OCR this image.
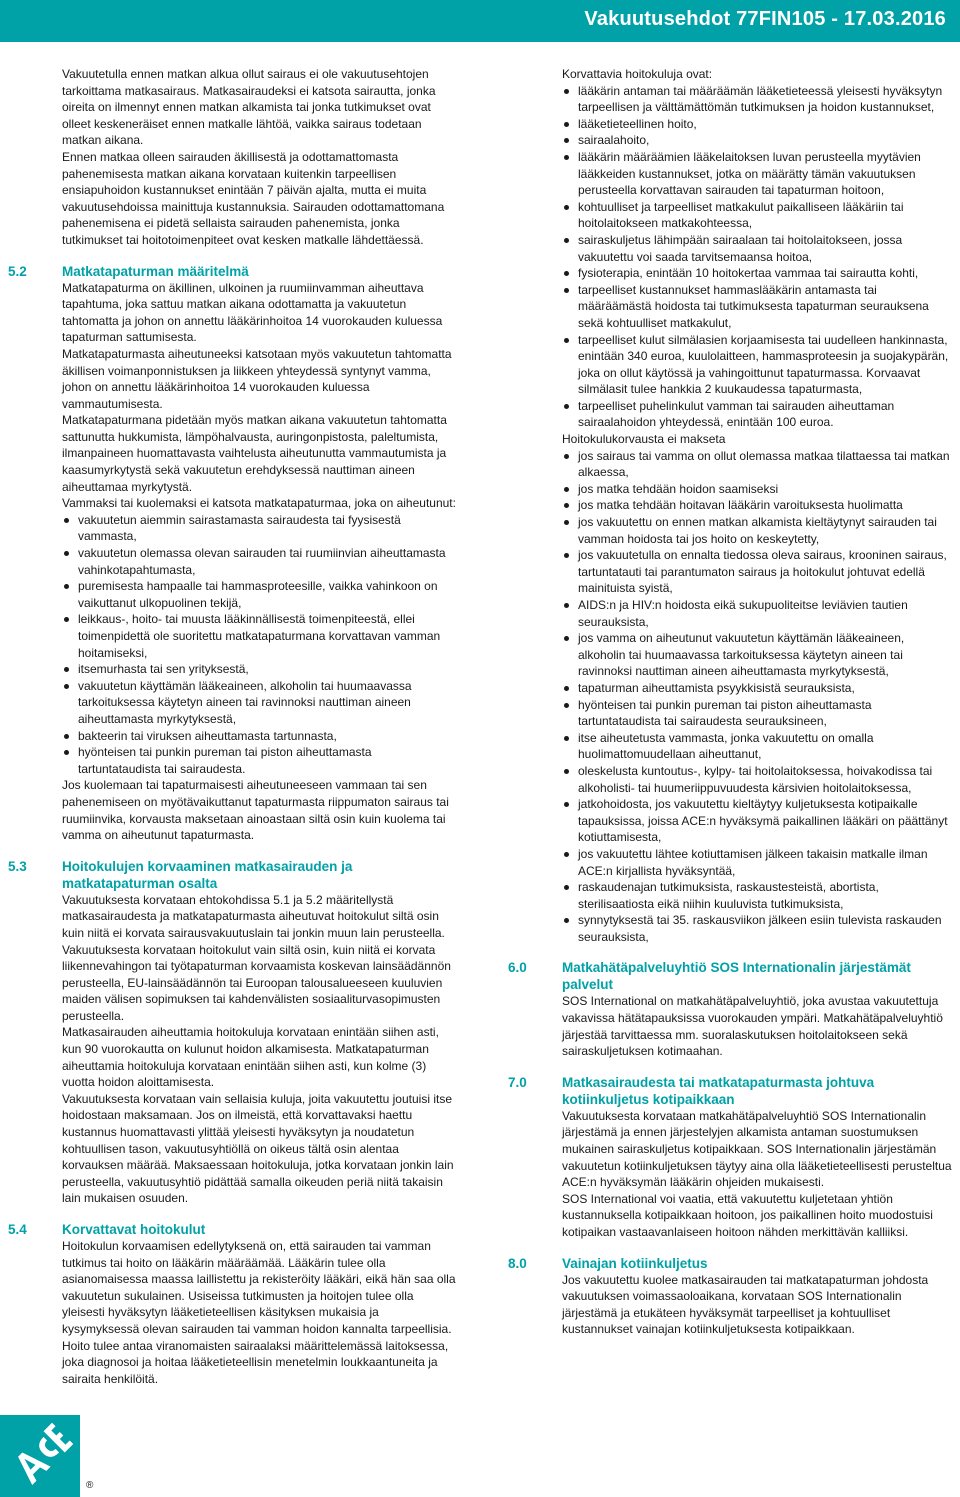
Vakuutusehdot 77FIN105 - 17.03.2016

Vakuutetulla ennen matkan alkua ollut sairaus ei ole vakuutusehtojen tarkoittama matkasairaus. Matkasairaudeksi ei katsota sairautta, jonka oireita on ilmennyt ennen matkan alkamista tai jonka tutkimukset ovat olleet keskeneräiset ennen matkalle lähtöä, vaikka sairaus todetaan matkan aikana.

Ennen matkaa olleen sairauden äkillisestä ja odottamattomasta pahenemisesta matkan aikana korvataan kuitenkin tarpeellisen ensiapuhoidon kustannukset enintään 7 päivän ajalta, mutta ei muita vakuutusehdoissa mainittuja kustannuksia. Sairauden odottamattomana pahenemisena ei pidetä sellaista sairauden pahenemista, jonka tutkimukset tai hoitotoimenpiteet ovat kesken matkalle lähdettäessä.

5.2	Matkatapaturman määritelmä

Matkatapaturma on äkillinen, ulkoinen ja ruumiinvamman aiheuttava tapahtuma, joka sattuu matkan aikana odottamatta ja vakuutetun tahtomatta ja johon on annettu lääkärinhoitoa 14 vuorokauden kuluessa tapaturman sattumisesta.

Matkatapaturmasta aiheutuneeksi katsotaan myös vakuutetun tahtomatta äkillisen voimanponnistuksen ja liikkeen yhteydessä syntynyt vamma, johon on annettu lääkärinhoitoa 14 vuorokauden kuluessa vammautumisesta.

Matkatapaturmana pidetään myös matkan aikana vakuutetun tahtomatta sattunutta hukkumista, lämpöhalvausta, auringonpistosta, paleltumista, ilmanpaineen huomattavasta vaihtelusta aiheutunutta vammautumista ja kaasumyrkytystä sekä vakuutetun erehdyksessä nauttiman aineen aiheuttamaa myrkytystä.

Vammaksi tai kuolemaksi ei katsota matkatapaturmaa, joka on aiheutunut:

vakuutetun aiemmin sairastamasta sairaudesta tai fyysisestä vammasta,
vakuutetun olemassa olevan sairauden tai ruumiinvian aiheuttamasta vahinkotapahtumasta,
puremisesta hampaalle tai hammasproteesille, vaikka vahinkoon on vaikuttanut ulkopuolinen tekijä,
leikkaus-, hoito- tai muusta lääkinnällisestä toimenpiteestä, ellei toimenpidettä ole suoritettu matkatapaturmana korvattavan vamman hoitamiseksi,
itsemurhasta tai sen yrityksestä,
vakuutetun käyttämän lääkeaineen, alkoholin tai huumaavassa tarkoituksessa käytetyn aineen tai ravinnoksi nauttiman aineen aiheuttamasta myrkytyksestä,
bakteerin tai viruksen aiheuttamasta tartunnasta,
hyönteisen tai punkin pureman tai piston aiheuttamasta tartuntataudista tai sairaudesta.

Jos kuolemaan tai tapaturmaisesti aiheutuneeseen vammaan tai sen pahenemiseen on myötävaikuttanut tapaturmasta riippumaton sairaus tai ruumiinvika, korvausta maksetaan ainoastaan siltä osin kuin kuolema tai vamma on aiheutunut tapaturmasta.

5.3	Hoitokulujen korvaaminen matkasairauden ja matkatapaturman osalta

Vakuutuksesta korvataan ehtokohdissa 5.1 ja 5.2 määritellystä matkasairaudesta ja matkatapaturmasta aiheutuvat hoitokulut siltä osin kuin niitä ei korvata sairausvakuutuslain tai jonkin muun lain perusteella.

Vakuutuksesta korvataan hoitokulut vain siltä osin, kuin niitä ei korvata liikennevahingon tai työtapaturman korvaamista koskevan lainsäädännön perusteella, EU-lainsäädännön tai Euroopan talousalueeseen kuuluvien maiden välisen sopimuksen tai kahdenvälisten sosiaaliturvasopimusten perusteella.

Matkasairauden aiheuttamia hoitokuluja korvataan enintään siihen asti, kun 90 vuorokautta on kulunut hoidon alkamisesta. Matkatapaturman aiheuttamia hoitokuluja korvataan enintään siihen asti, kun kolme (3) vuotta hoidon aloittamisesta.

Vakuutuksesta korvataan vain sellaisia kuluja, joita vakuutettu joutuisi itse hoidostaan maksamaan. Jos on ilmeistä, että korvattavaksi haettu kustannus huomattavasti ylittää yleisesti hyväksytyn ja noudatetun kohtuullisen tason, vakuutusyhtiöllä on oikeus tältä osin alentaa korvauksen määrää. Maksaessaan hoitokuluja, jotka korvataan jonkin lain perusteella, vakuutusyhtiö pidättää samalla oikeuden periä niitä takaisin lain mukaisen osuuden.

5.4	Korvattavat hoitokulut

Hoitokulun korvaamisen edellytyksenä on, että sairauden tai vamman tutkimus tai hoito on lääkärin määräämää. Lääkärin tulee olla asianomaisessa maassa laillistettu ja rekisteröity lääkäri, eikä hän saa olla vakuutetun sukulainen. Usiseissa tutkimusten ja hoitojen tulee olla yleisesti hyväksytyn lääketieteellisen käsityksen mukaisia ja kysymyksessä olevan sairauden tai vamman hoidon kannalta tarpeellisia. Hoito tulee antaa viranomaisten sairaalaksi määrittelemässä laitoksessa, joka diagnosoi ja hoitaa lääketieteellisin menetelmin loukkaantuneita ja sairaita henkilöitä.

Korvattavia hoitokuluja ovat:

lääkärin antaman tai määräämän lääketieteessä yleisesti hyväksytyn tarpeellisen ja välttämättömän tutkimuksen ja hoidon kustannukset,
lääketieteellinen hoito,
sairaalahoito,
lääkärin määräämien lääkelaitoksen luvan perusteella myytävien lääkkeiden kustannukset, jotka on määrätty tämän vakuutuksen perusteella korvattavan sairauden tai tapaturman hoitoon,
kohtuulliset ja tarpeelliset matkakulut paikalliseen lääkäriin tai hoitolaitokseen matkakohteessa,
sairaskuljetus lähimpään sairaalaan tai hoitolaitokseen, jossa vakuutettu voi saada tarvitsemaansa hoitoa,
fysioterapia, enintään 10 hoitokertaa vammaa tai sairautta kohti,
tarpeelliset kustannukset hammaslääkärin antamasta tai määräämästä hoidosta tai tutkimuksesta tapaturman seurauksena sekä kohtuulliset matkakulut,
tarpeelliset kulut silmälasien korjaamisesta tai uudelleen hankinnasta, enintään 340 euroa, kuulolaitteen, hammasproteesin ja suojakypärän, joka on ollut käytössä ja vahingoittunut tapaturmassa. Korvaavat silmälasit tulee hankkia 2 kuukaudessa tapaturmasta,
tarpeelliset puhelinkulut vamman tai sairauden aiheuttaman sairaalahoidon yhteydessä, enintään 100 euroa.

Hoitokulukorvausta ei makseta

jos sairaus tai vamma on ollut olemassa matkaa tilattaessa tai matkan alkaessa,
jos matka tehdään hoidon saamiseksi
jos matka tehdään hoitavan lääkärin varoituksesta huolimatta
jos vakuutettu on ennen matkan alkamista kieltäytynyt sairauden tai vamman hoidosta tai jos hoito on keskeytetty,
jos vakuutetulla on ennalta tiedossa oleva sairaus, krooninen sairaus, tartuntatauti tai parantumaton sairaus ja hoitokulut johtuvat edellä mainituista syistä,
AIDS:n ja HIV:n hoidosta eikä sukupuoliteitse leviävien tautien seurauksista,
jos vamma on aiheutunut vakuutetun käyttämän lääkeaineen, alkoholin tai huumaavassa tarkoituksessa käytetyn aineen tai ravinnoksi nauttiman aineen aiheuttamasta myrkytyksestä,
tapaturman aiheuttamista psyykkisistä seurauksista,
hyönteisen tai punkin pureman tai piston aiheuttamasta tartuntataudista tai sairaudesta seurauksineen,
itse aiheutetusta vammasta, jonka vakuutettu on omalla huolimattomuudellaan aiheuttanut,
oleskelusta kuntoutus-, kylpy- tai hoitolaitoksessa, hoivakodissa tai alkoholisti- tai huumeriippuvuudesta kärsivien hoitolaitoksessa,
jatkohoidosta, jos vakuutettu kieltäytyy kuljetuksesta kotipaikalle tapauksissa, joissa ACE:n hyväksymä paikallinen lääkäri on päättänyt kotiuttamisesta,
jos vakuutettu lähtee kotiuttamisen jälkeen takaisin matkalle ilman ACE:n kirjallista hyväksyntää,
raskaudenajan tutkimuksista, raskaustesteistä, abortista, sterilisaatiosta eikä niihin kuuluvista tutkimuksista,
synnytyksestä tai 35. raskausviikon jälkeen esiin tulevista raskauden seurauksista,
6.0	Matkahätäpalveluyhtiö SOS Internationalin järjestämät palvelut

SOS International on matkahätäpalveluyhtiö, joka avustaa vakuutettuja vakavissa hätätapauksissa vuorokauden ympäri. Matkahätäpalveluyhtiö järjestää tarvittaessa mm. suoralaskutuksen hoitolaitokseen sekä sairaskuljetuksen kotimaahan.

7.0	Matkasairaudesta tai matkatapaturmasta johtuva kotiinkuljetus kotipaikkaan

Vakuutuksesta korvataan matkahätäpalveluyhtiö SOS Internationalin järjestämä ja ennen järjestelyjen alkamista antaman suostumuksen mukainen sairaskuljetus kotipaikkaan. SOS Internationalin järjestämän vakuutetun kotiinkuljetuksen täytyy aina olla lääketieteellisesti perusteltua ACE:n hyväksymän lääkärin ohjeiden mukaisesti.

SOS International voi vaatia, että vakuutettu kuljetetaan yhtiön kustannuksella kotipaikkaan hoitoon, jos paikallinen hoito muodostuisi kotipaikan vastaavanlaiseen hoitoon nähden merkittävän kalliiksi.

8.0	Vainajan kotiinkuljetus

Jos vakuutettu kuolee matkasairauden tai matkatapaturman johdosta vakuutuksen voimassaoloaikana, korvataan SOS Internationalin järjestämä ja etukäteen hyväksymät tarpeelliset ja kohtuulliset kustannukset vainajan kotiinkuljetuksesta kotipaikkaan.

®
